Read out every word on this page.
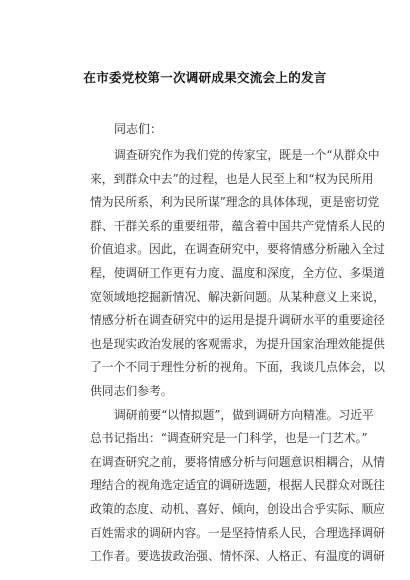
在市委党校第一次调研成果交流会上的发言
同志们：
调查研究作为我们党的传家宝，既是一个“从群众中
来，到群众中去”的过程，也是人民至上和“权为民所用
情为民所系，利为民所谋”理念的具体体现，更是密切党
群、干群关系的重要纽带，蕴含着中国共产党情系人民的
价值追求。因此，在调查研究中，要将情感分析融入全过
程，使调研工作更有力度、温度和深度，全方位、多渠道
宽领域地挖掘新情况、解决新问题。从某种意义上来说，
情感分析在调查研究中的运用是提升调研水平的重要途径
也是现实政治发展的客观需求，为提升国家治理效能提供
了一个不同于理性分析的视角。下面，我谈几点体会，以
供同志们参考。
调研前要“以情拟题”，做到调研方向精准。习近平
总书记指出：“调查研究是一门科学，也是一门艺术。”
在调查研究之前，要将情感分析与问题意识相耦合，从情
理结合的视角选定适宜的调研选题，根据人民群众对既往
政策的态度、动机、喜好、倾向，创设出合乎实际、顺应
百姓需求的调研内容。一是坚持情系人民，合理选择调研
工作者。要选拔政治强、情怀深、人格正、有温度的调研
